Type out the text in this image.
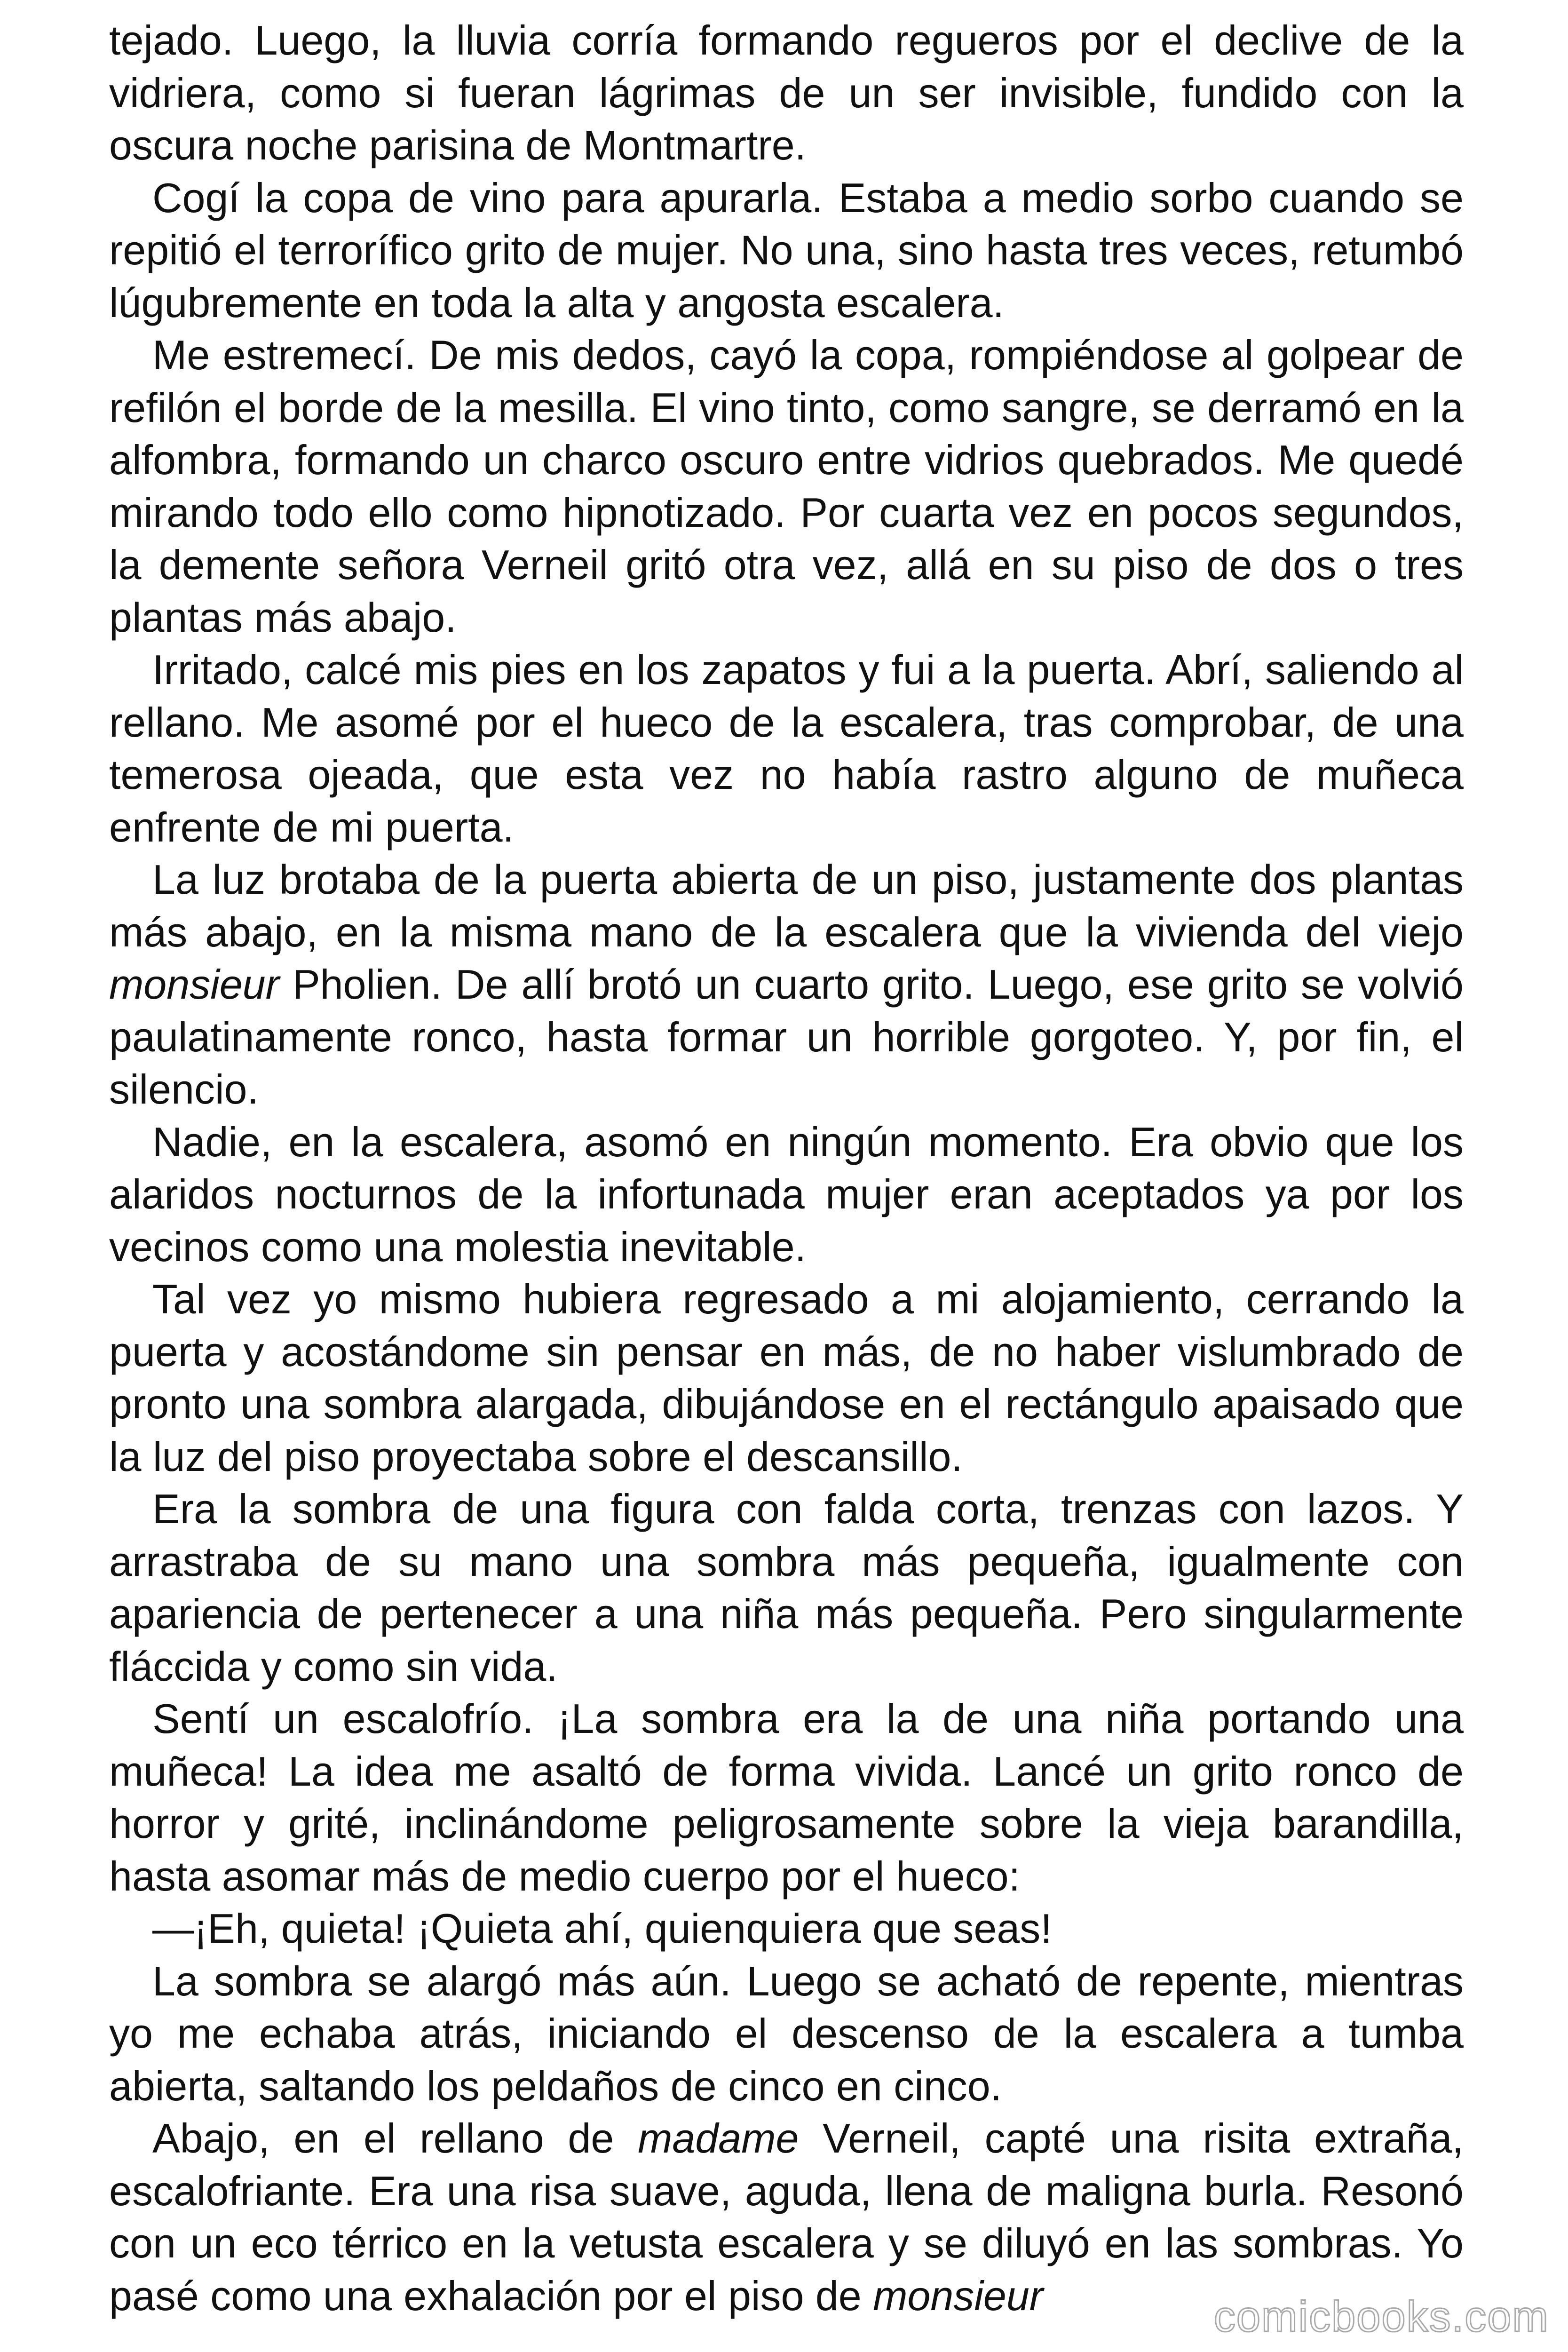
tejado. Luego, la lluvia corría formando regueros por el declive de la vidriera, como si fueran lágrimas de un ser invisible, fundido con la oscura noche parisina de Montmartre.

Cogí la copa de vino para apurarla. Estaba a medio sorbo cuando se repitió el terrorífico grito de mujer. No una, sino hasta tres veces, retumbó lúgubremente en toda la alta y angosta escalera.

Me estremecí. De mis dedos, cayó la copa, rompiéndose al golpear de refilón el borde de la mesilla. El vino tinto, como sangre, se derramó en la alfombra, formando un charco oscuro entre vidrios quebrados. Me quedé mirando todo ello como hipnotizado. Por cuarta vez en pocos segundos, la demente señora Verneil gritó otra vez, allá en su piso de dos o tres plantas más abajo.

Irritado, calcé mis pies en los zapatos y fui a la puerta. Abrí, saliendo al rellano. Me asomé por el hueco de la escalera, tras comprobar, de una temerosa ojeada, que esta vez no había rastro alguno de muñeca enfrente de mi puerta.

La luz brotaba de la puerta abierta de un piso, justamente dos plantas más abajo, en la misma mano de la escalera que la vivienda del viejo monsieur Pholien. De allí brotó un cuarto grito. Luego, ese grito se volvió paulatinamente ronco, hasta formar un horrible gorgoteo. Y, por fin, el silencio.

Nadie, en la escalera, asomó en ningún momento. Era obvio que los alaridos nocturnos de la infortunada mujer eran aceptados ya por los vecinos como una molestia inevitable.

Tal vez yo mismo hubiera regresado a mi alojamiento, cerrando la puerta y acostándome sin pensar en más, de no haber vislumbrado de pronto una sombra alargada, dibujándose en el rectángulo apaisado que la luz del piso proyectaba sobre el descansillo.

Era la sombra de una figura con falda corta, trenzas con lazos. Y arrastraba de su mano una sombra más pequeña, igualmente con apariencia de pertenecer a una niña más pequeña. Pero singularmente fláccida y como sin vida.

Sentí un escalofrío. ¡La sombra era la de una niña portando una muñeca! La idea me asaltó de forma vivida. Lancé un grito ronco de horror y grité, inclinándome peligrosamente sobre la vieja barandilla, hasta asomar más de medio cuerpo por el hueco:

—¡Eh, quieta! ¡Quieta ahí, quienquiera que seas!

La sombra se alargó más aún. Luego se acható de repente, mientras yo me echaba atrás, iniciando el descenso de la escalera a tumba abierta, saltando los peldaños de cinco en cinco.

Abajo, en el rellano de madame Verneil, capté una risita extraña, escalofriante. Era una risa suave, aguda, llena de maligna burla. Resonó con un eco térrico en la vetusta escalera y se diluyó en las sombras. Yo pasé como una exhalación por el piso de monsieur	comicbooks.com
